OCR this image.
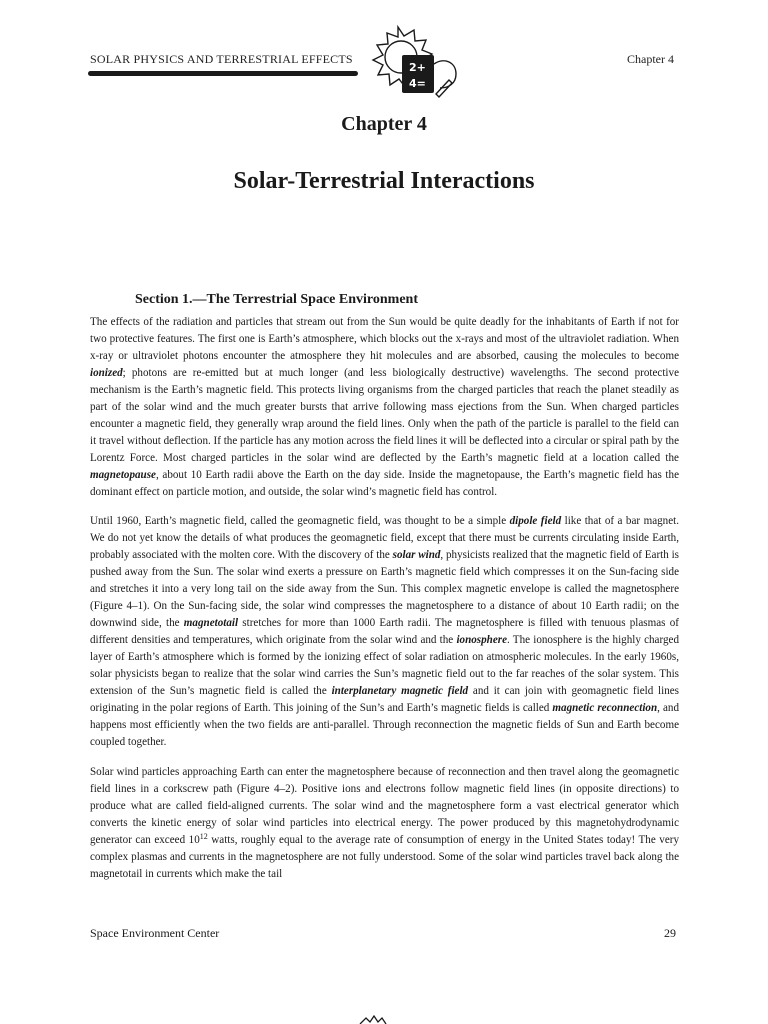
SOLAR PHYSICS AND TERRESTRIAL EFFECTS
2+
4=
Chapter 4
Chapter 4
Solar-Terrestrial Interactions
Section 1.—The Terrestrial Space Environment

The effects of the radiation and particles that stream out from the Sun would be quite deadly for the inhabitants of Earth if not for two protective features. The first one is Earth’s atmosphere, which blocks out the x-rays and most of the ultraviolet radiation. When x-ray or ultraviolet photons encounter the atmosphere they hit molecules and are absorbed, causing the molecules to become ionized; photons are re-emitted but at much longer (and less biologically destructive) wavelengths. The second protective mechanism is the Earth’s magnetic field. This protects living organisms from the charged particles that reach the planet steadily as part of the solar wind and the much greater bursts that arrive following mass ejections from the Sun. When charged particles encounter a magnetic field, they generally wrap around the field lines. Only when the path of the particle is parallel to the field can it travel without deflection. If the particle has any motion across the field lines it will be deflected into a circular or spiral path by the Lorentz Force. Most charged particles in the solar wind are deflected by the Earth’s magnetic field at a location called the magnetopause, about 10 Earth radii above the Earth on the day side. Inside the magnetopause, the Earth’s magnetic field has the dominant effect on particle motion, and outside, the solar wind’s magnetic field has control.

Until 1960, Earth’s magnetic field, called the geomagnetic field, was thought to be a simple dipole field like that of a bar magnet. We do not yet know the details of what produces the geomagnetic field, except that there must be currents circulating inside Earth, probably associated with the molten core. With the discovery of the solar wind, physicists realized that the magnetic field of Earth is pushed away from the Sun. The solar wind exerts a pressure on Earth’s magnetic field which compresses it on the Sun-facing side and stretches it into a very long tail on the side away from the Sun. This complex magnetic envelope is called the magnetosphere (Figure 4–1). On the Sun-facing side, the solar wind compresses the magnetosphere to a distance of about 10 Earth radii; on the downwind side, the magnetotail stretches for more than 1000 Earth radii. The magnetosphere is filled with tenuous plasmas of different densities and temperatures, which originate from the solar wind and the ionosphere. The ionosphere is the highly charged layer of Earth’s atmosphere which is formed by the ionizing effect of solar radiation on atmospheric molecules. In the early 1960s, solar physicists began to realize that the solar wind carries the Sun’s magnetic field out to the far reaches of the solar system. This extension of the Sun’s magnetic field is called the interplanetary magnetic field and it can join with geomagnetic field lines originating in the polar regions of Earth. This joining of the Sun’s and Earth’s magnetic fields is called magnetic reconnection, and happens most efficiently when the two fields are anti-parallel. Through reconnection the magnetic fields of Sun and Earth become coupled together.

Solar wind particles approaching Earth can enter the magnetosphere because of reconnection and then travel along the geomagnetic field lines in a corkscrew path (Figure 4–2). Positive ions and electrons follow magnetic field lines (in opposite directions) to produce what are called field-aligned currents. The solar wind and the magnetosphere form a vast electrical generator which converts the kinetic energy of solar wind particles into electrical energy. The power produced by this magnetohydrodynamic generator can exceed $10^{12}$ watts, roughly equal to the average rate of consumption of energy in the United States today! The very complex plasmas and currents in the magnetosphere are not fully understood. Some of the solar wind particles travel back along the magnetotail in currents which make the tail

Space Environment Center	29
